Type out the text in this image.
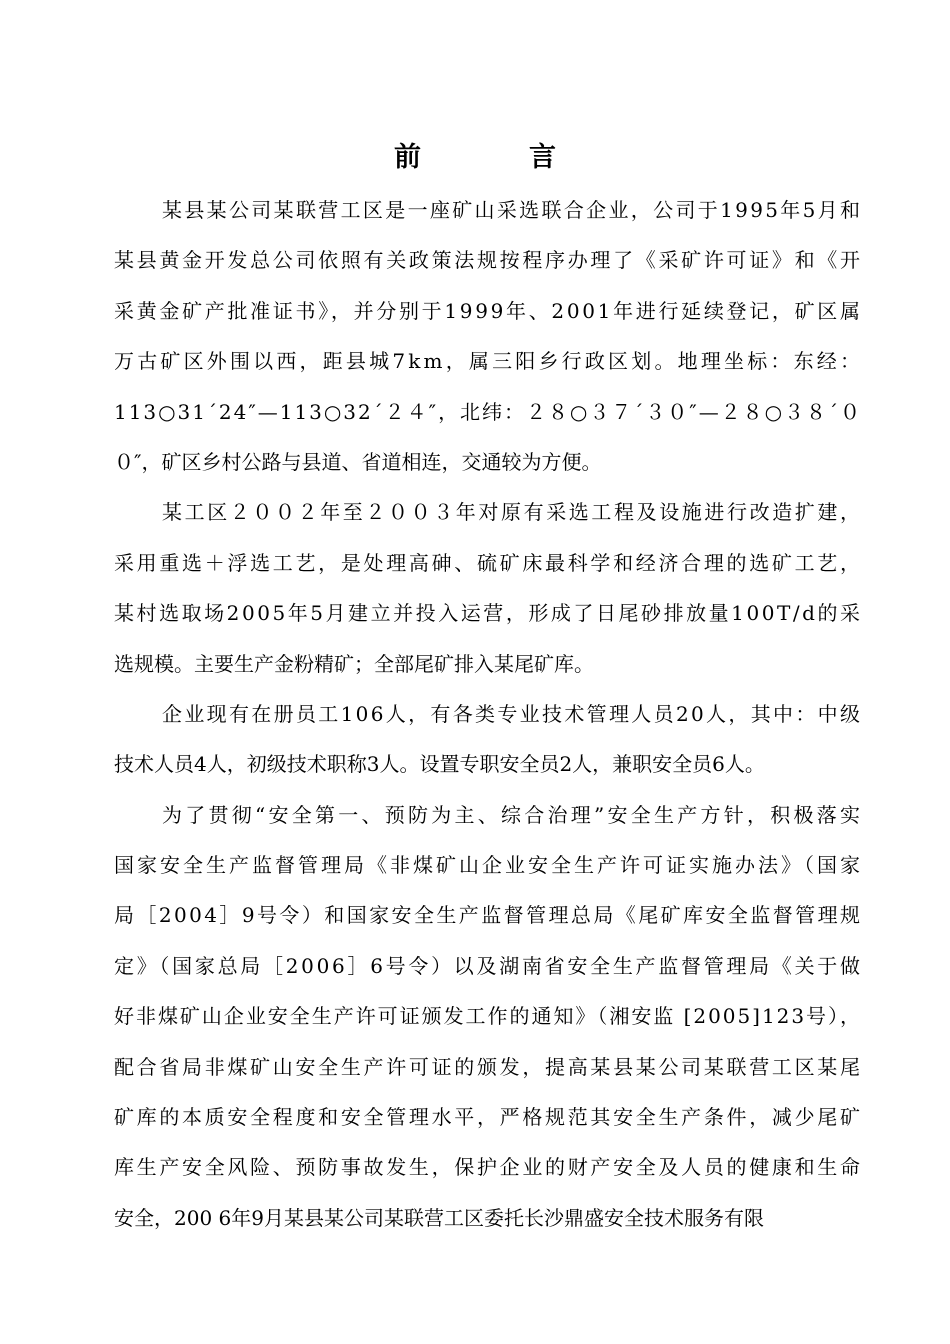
前	言
某县某公司某联营工区是一座矿山采选联合企业，公司于1995年5月和
某县黄金开发总公司依照有关政策法规按程序办理了《采矿许可证》和《开
采黄金矿产批准证书》，并分别于1999年、2001年进行延续登记，矿区属
万古矿区外围以西，距县城7km，属三阳乡行政区划。地理坐标：东经：
113○31ˊ24″—113○32ˊ２４″，北纬：２８○３７ˊ３０″—２８○３８ˊ０
０″，矿区乡村公路与县道、省道相连，交通较为方便。
某工区２００２年至２００３年对原有采选工程及设施进行改造扩建，
采用重选＋浮选工艺，是处理高砷、硫矿床最科学和经济合理的选矿工艺，
某村选取场2005年5月建立并投入运营，形成了日尾砂排放量100T/d的采
选规模。主要生产金粉精矿；全部尾矿排入某尾矿库。
企业现有在册员工106人，有各类专业技术管理人员20人，其中：中级
技术人员4人，初级技术职称3人。设置专职安全员2人，兼职安全员6人。
为了贯彻“安全第一、预防为主、综合治理”安全生产方针，积极落实
国家安全生产监督管理局《非煤矿山企业安全生产许可证实施办法》（国家
局［2004］9号令）和国家安全生产监督管理总局《尾矿库安全监督管理规
定》（国家总局［2006］6号令）以及湖南省安全生产监督管理局《关于做
好非煤矿山企业安全生产许可证颁发工作的通知》（湘安监 [2005]123号），
配合省局非煤矿山安全生产许可证的颁发，提高某县某公司某联营工区某尾
矿库的本质安全程度和安全管理水平，严格规范其安全生产条件，减少尾矿
库生产安全风险、预防事故发生，保护企业的财产安全及人员的健康和生命
安全，200 6年9月某县某公司某联营工区委托长沙鼎盛安全技术服务有限
